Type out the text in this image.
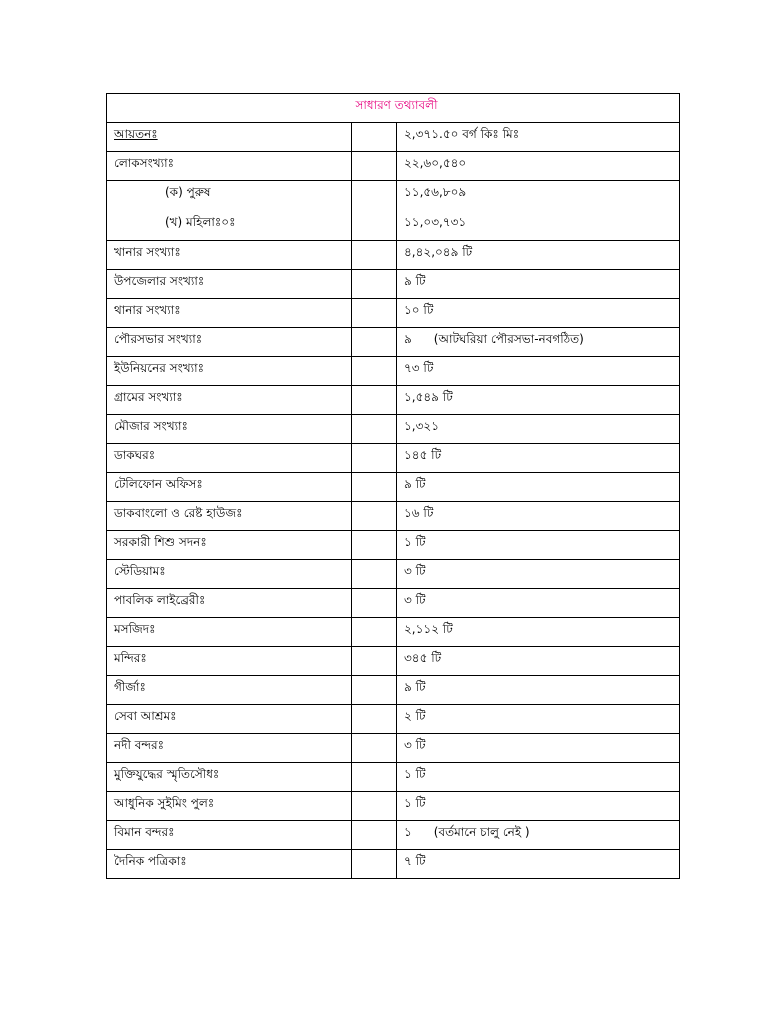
সাধারণ তথ্যাবলী		
আয়তনঃ		২,৩৭১.৫০ বর্গ কিঃ মিঃ
লোকসংখ্যাঃ		২২,৬০,৫৪০
(ক) পুরুষ		১১,৫৬,৮০৯
(খ) মহিলাঃ০ঃ		১১,০৩,৭৩১
খানার সংখ্যাঃ		৪,৪২,০৪৯ টি
উপজেলার সংখ্যাঃ		৯ টি
থানার সংখ্যাঃ		১০ টি
পৌরসভার সংখ্যাঃ		৯ (আটঘরিয়া পৌরসভা-নবগঠিত)
ইউনিয়নের সংখ্যাঃ		৭৩ টি
গ্রামের সংখ্যাঃ		১,৫৪৯ টি
মৌজার সংখ্যাঃ		১,৩২১
ডাকঘরঃ		১৪৫ টি
টেলিফোন অফিসঃ		৯ টি
ডাকবাংলো ও রেষ্ট হাউজঃ		১৬ টি
সরকারী শিশু সদনঃ		১ টি
স্টেডিয়ামঃ		৩ টি
পাবলিক লাইব্রেরীঃ		৩ টি
মসজিদঃ		২,১১২ টি
মন্দিরঃ		৩৪৫ টি
গীর্জাঃ		৯ টি
সেবা আশ্রমঃ		২ টি
নদী বন্দরঃ		৩ টি
মুক্তিযুদ্ধের স্মৃতিসৌধঃ		১ টি
আধুনিক সুইমিং পুলঃ		১ টি
বিমান বন্দরঃ		১ (বর্তমানে চালু নেই )
দৈনিক পত্রিকাঃ		৭ টি
